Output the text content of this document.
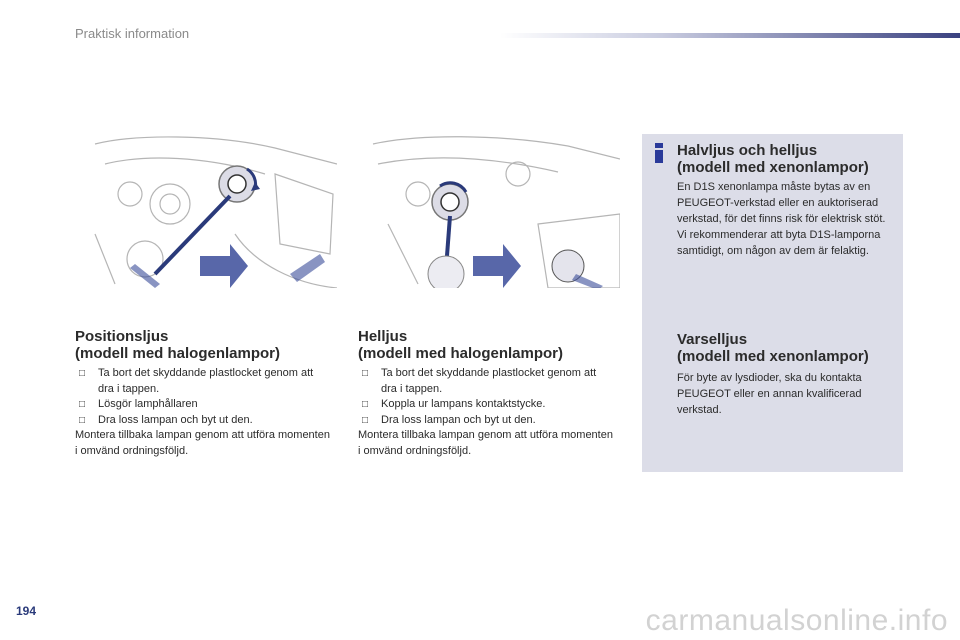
Praktisk information
Positionsljus
(modell med halogenlampor)
□ Ta bort det skyddande plastlocket genom att dra i tappen.
□ Lösgör lamphållaren
□ Dra loss lampan och byt ut den.
Montera tillbaka lampan genom att utföra momenten i omvänd ordningsföljd.
Helljus
(modell med halogenlampor)
□ Ta bort det skyddande plastlocket genom att dra i tappen.
□ Koppla ur lampans kontaktstycke.
□ Dra loss lampan och byt ut den.
Montera tillbaka lampan genom att utföra momenten i omvänd ordningsföljd.
Halvljus och helljus
(modell med xenonlampor)
En D1S xenonlampa måste bytas av en PEUGEOT-verkstad eller en auktoriserad verkstad, för det finns risk för elektrisk stöt.
Vi rekommenderar att byta D1S-lamporna samtidigt, om någon av dem är felaktig.
Varselljus
(modell med xenonlampor)
För byte av lysdioder, ska du kontakta PEUGEOT eller en annan kvalificerad verkstad.
194	carmanualsonline.info
